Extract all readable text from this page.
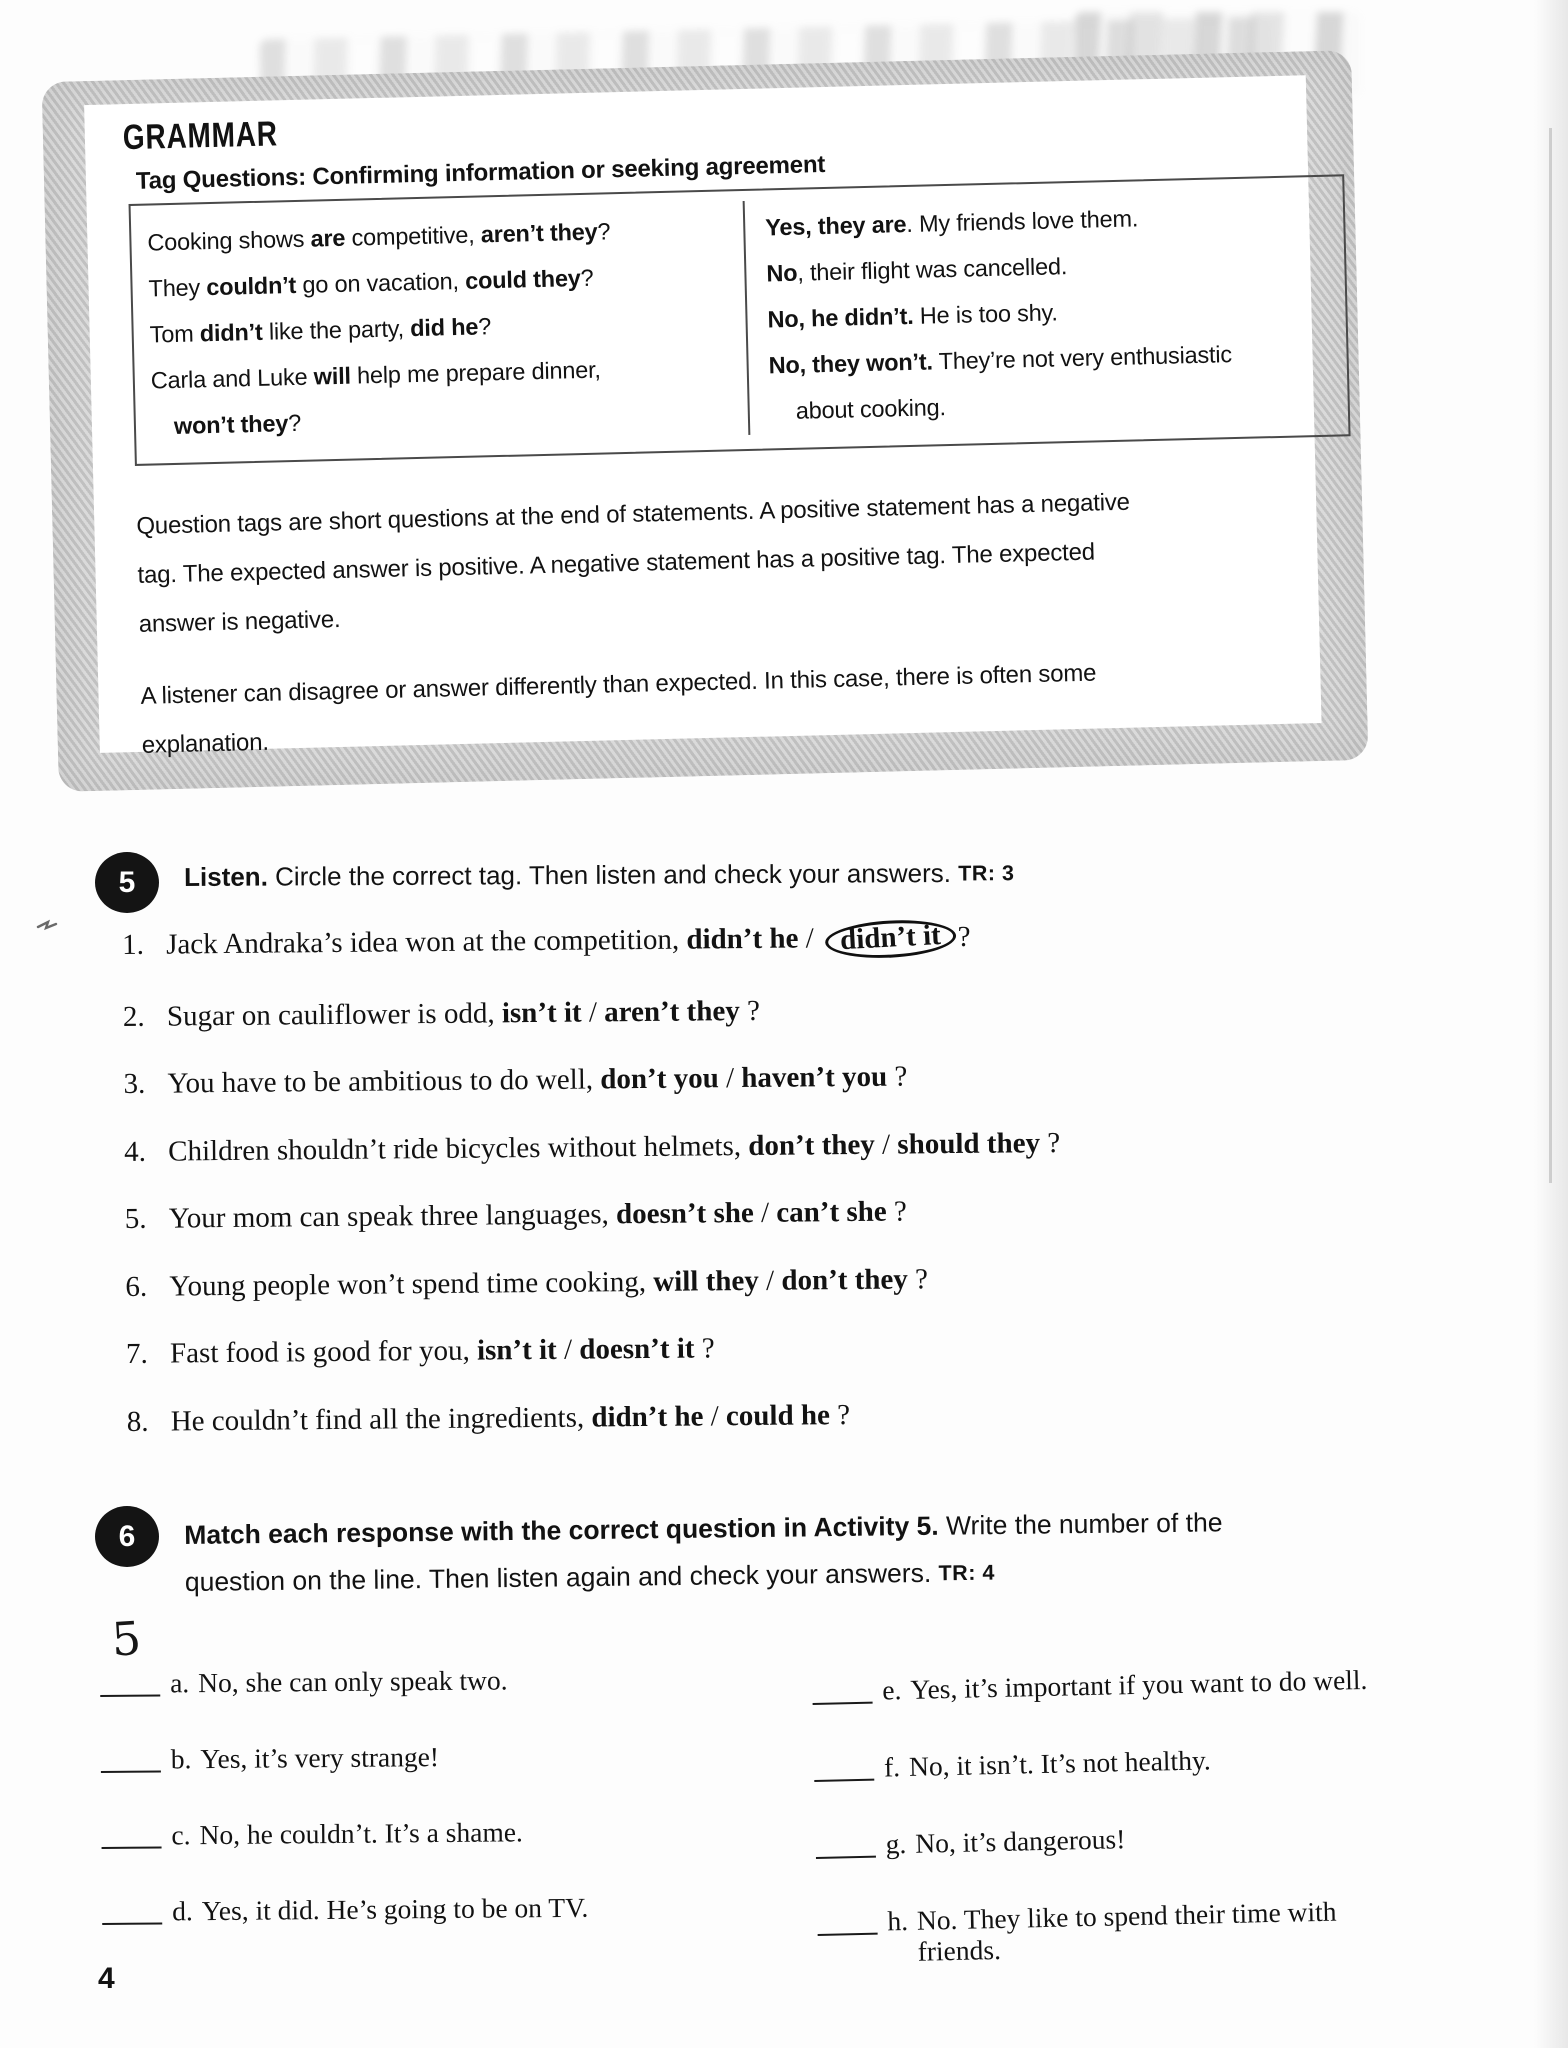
GRAMMAR
Tag Questions: Confirming information or seeking agreement
Cooking shows are competitive, aren’t they?
They couldn’t go on vacation, could they?
Tom didn’t like the party, did he?
Carla and Luke will help me prepare dinner,
won’t they?
Yes, they are. My friends love them.
No, their flight was cancelled.
No, he didn’t. He is too shy.
No, they won’t. They’re not very enthusiastic
about cooking.
Question tags are short questions at the end of statements. A positive statement has a negative
tag. The expected answer is positive. A negative statement has a positive tag. The expected
answer is negative.
A listener can disagree or answer differently than expected. In this case, there is often some
explanation.
5	Listen. Circle the correct tag. Then listen and check your answers. TR: 3
1. Jack Andraka’s idea won at the competition, didn’t he / didn’t it ?
2. Sugar on cauliflower is odd, isn’t it / aren’t they ?
3. You have to be ambitious to do well, don’t you / haven’t you ?
4. Children shouldn’t ride bicycles without helmets, don’t they / should they ?
5. Your mom can speak three languages, doesn’t she / can’t she ?
6. Young people won’t spend time cooking, will they / don’t they ?
7. Fast food is good for you, isn’t it / doesn’t it ?
8. He couldn’t find all the ingredients, didn’t he / could he ?
6	Match each response with the correct question in Activity 5. Write the number of the
question on the line. Then listen again and check your answers. TR: 4
5
a. No, she can only speak two.
b. Yes, it’s very strange!
c. No, he couldn’t. It’s a shame.
d. Yes, it did. He’s going to be on TV.
e. Yes, it’s important if you want to do well.
f. No, it isn’t. It’s not healthy.
g. No, it’s dangerous!
h. No. They like to spend their time with
friends.
4
